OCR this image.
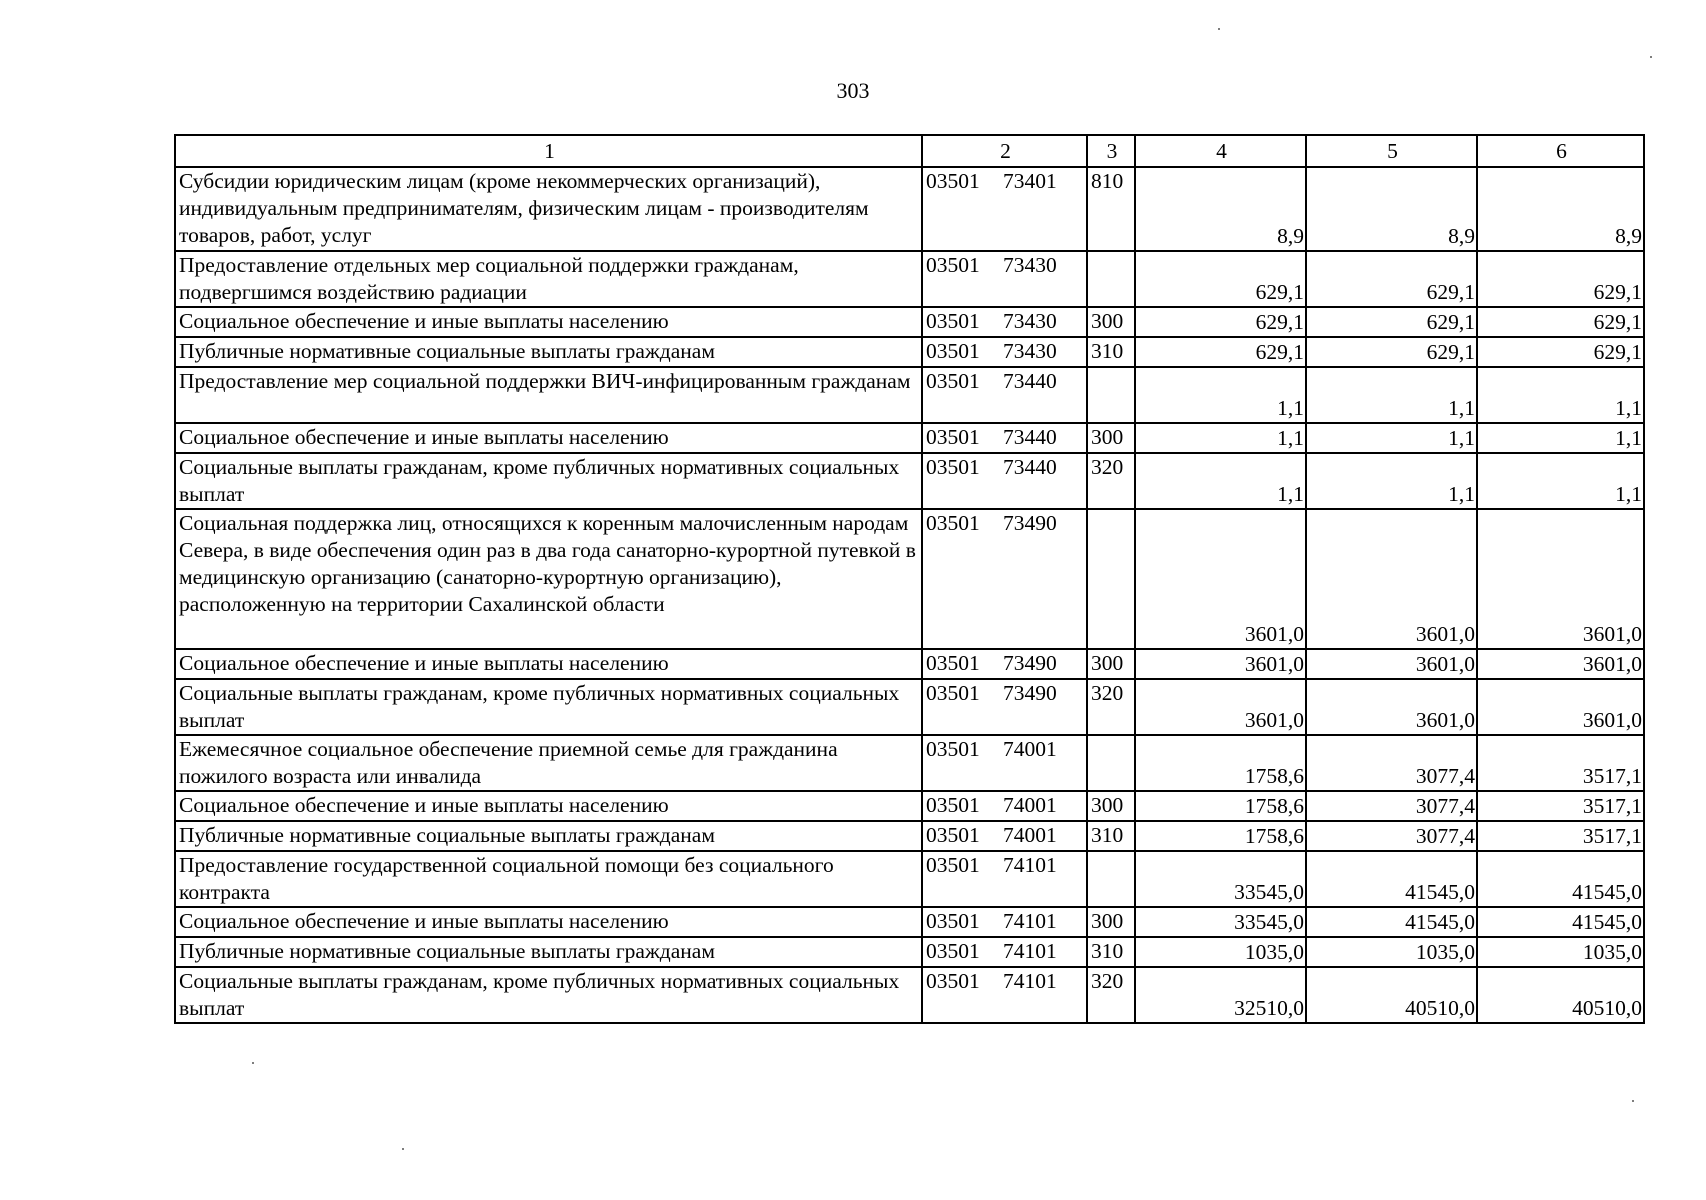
303
1	2	3	4	5	6
Субсидии юридическим лицам (кроме некоммерческих организаций), индивидуальным предпринимателям, физическим лицам - производителям товаров, работ, услуг	03501 73401	810	8,9	8,9	8,9
Предоставление отдельных мер социальной поддержки гражданам, подвергшимся воздействию радиации	03501 73430		629,1	629,1	629,1
Социальное обеспечение и иные выплаты населению	03501 73430	300	629,1	629,1	629,1
Публичные нормативные социальные выплаты гражданам	03501 73430	310	629,1	629,1	629,1
Предоставление мер социальной поддержки ВИЧ-инфицированным гражданам	03501 73440		1,1	1,1	1,1
Социальное обеспечение и иные выплаты населению	03501 73440	300	1,1	1,1	1,1
Социальные выплаты гражданам, кроме публичных нормативных социальных выплат	03501 73440	320	1,1	1,1	1,1
Социальная поддержка лиц, относящихся к коренным малочисленным народам Севера, в виде обеспечения один раз в два года санаторно-курортной путевкой в медицинскую организацию (санаторно-курортную организацию), расположенную на территории Сахалинской области	03501 73490		3601,0	3601,0	3601,0
Социальное обеспечение и иные выплаты населению	03501 73490	300	3601,0	3601,0	3601,0
Социальные выплаты гражданам, кроме публичных нормативных социальных выплат	03501 73490	320	3601,0	3601,0	3601,0
Ежемесячное социальное обеспечение приемной семье для гражданина пожилого возраста или инвалида	03501 74001		1758,6	3077,4	3517,1
Социальное обеспечение и иные выплаты населению	03501 74001	300	1758,6	3077,4	3517,1
Публичные нормативные социальные выплаты гражданам	03501 74001	310	1758,6	3077,4	3517,1
Предоставление государственной социальной помощи без социального контракта	03501 74101		33545,0	41545,0	41545,0
Социальное обеспечение и иные выплаты населению	03501 74101	300	33545,0	41545,0	41545,0
Публичные нормативные социальные выплаты гражданам	03501 74101	310	1035,0	1035,0	1035,0
Социальные выплаты гражданам, кроме публичных нормативных социальных выплат	03501 74101	320	32510,0	40510,0	40510,0
